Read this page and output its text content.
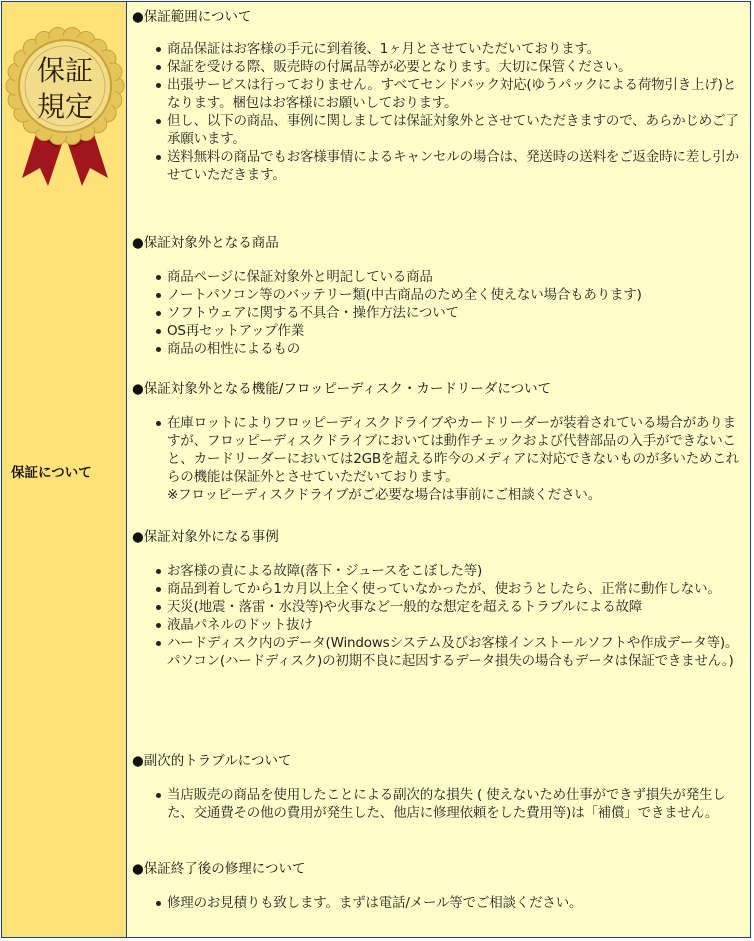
保証
規定
保証について
●保証範囲について
商品保証はお客様の手元に到着後、1ヶ月とさせていただいております。
保証を受ける際、販売時の付属品等が必要となります。大切に保管ください。
出張サービスは行っておりません。すべてセンドバック対応(ゆうパックによる荷物引き上げ)となります。梱包はお客様にお願いしております。
但し、以下の商品、事例に関しましては保証対象外とさせていただきますので、あらかじめご了承願います。
送料無料の商品でもお客様事情によるキャンセルの場合は、発送時の送料をご返金時に差し引かせていただきます。
●保証対象外となる商品
商品ページに保証対象外と明記している商品
ノートパソコン等のバッテリー類(中古商品のため全く使えない場合もあります)
ソフトウェアに関する不具合・操作方法について
OS再セットアップ作業
商品の相性によるもの
●保証対象外となる機能/フロッピーディスク・カードリーダについて
在庫ロットによりフロッピーディスクドライブやカードリーダーが装着されている場合がありますが、フロッピーディスクドライブにおいては動作チェックおよび代替部品の入手ができないこと、カードリーダーにおいては2GBを超える昨今のメディアに対応できないものが多いためこれらの機能は保証外とさせていただいております。
※フロッピーディスクドライブがご必要な場合は事前にご相談ください。
●保証対象外になる事例
お客様の責による故障(落下・ジュースをこぼした等)
商品到着してから1カ月以上全く使っていなかったが、使おうとしたら、正常に動作しない。
天災(地震・落雷・水没等)や火事など一般的な想定を超えるトラブルによる故障
液晶パネルのドット抜け
ハードディスク内のデータ(Windowsシステム及びお客様インストールソフトや作成データ等)。
パソコン(ハードディスク)の初期不良に起因するデータ損失の場合もデータは保証できません。)
●副次的トラブルについて
当店販売の商品を使用したことによる副次的な損失 ( 使えないため仕事ができず損失が発生した、交通費その他の費用が発生した、他店に修理依頼をした費用等)は「補償」できません。
●保証終了後の修理について
修理のお見積りも致します。まずは電話/メール等でご相談ください。
